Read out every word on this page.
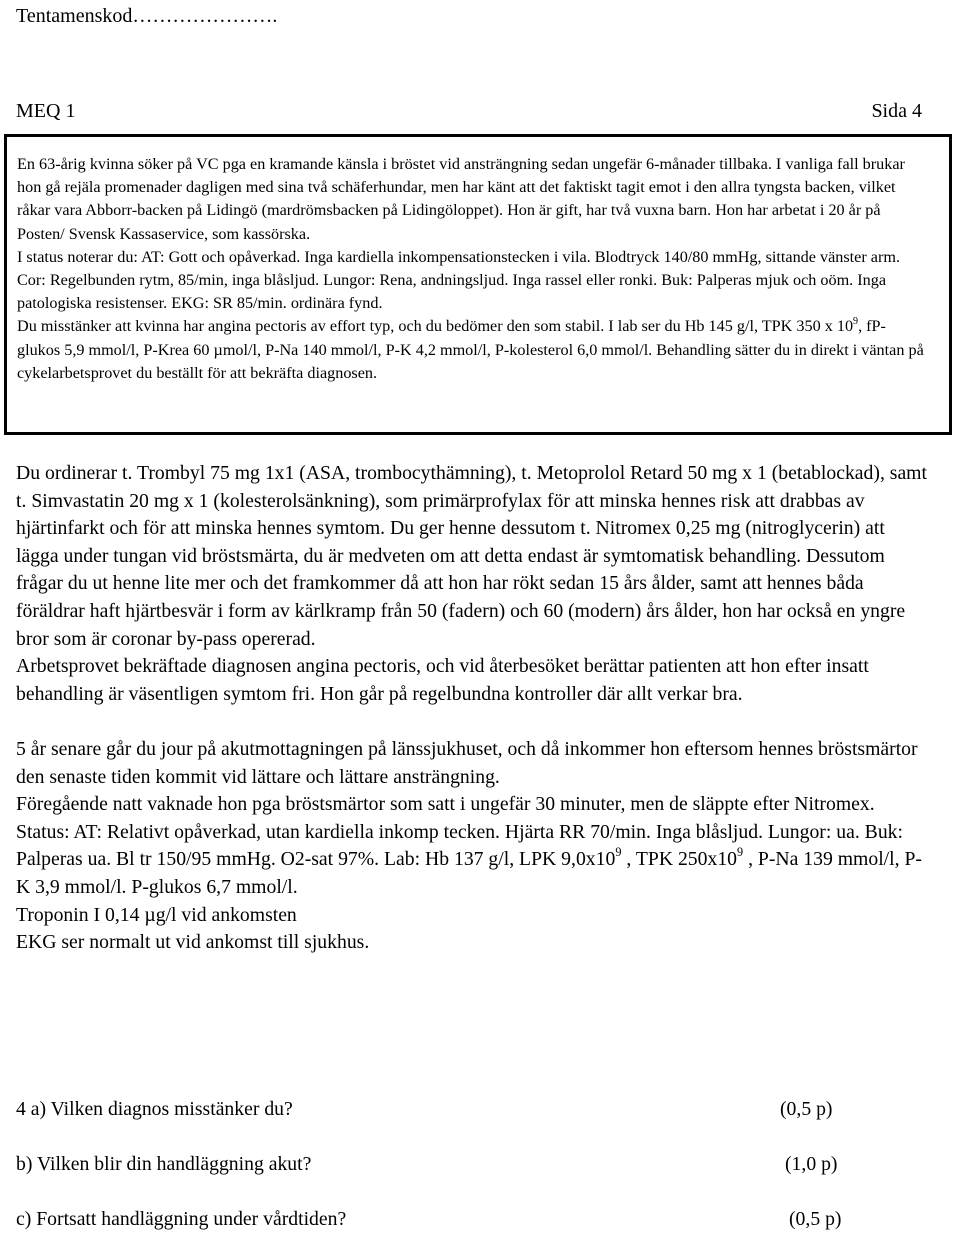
Tentamenskod………………….
MEQ 1	Sida 4

En 63-årig kvinna söker på VC pga en kramande känsla i bröstet vid ansträngning sedan ungefär 6-månader tillbaka. I vanliga fall brukar hon gå rejäla promenader dagligen med sina två schäferhundar, men har känt att det faktiskt tagit emot i den allra tyngsta backen, vilket råkar vara Abborr-backen på Lidingö (mardrömsbacken på Lidingöloppet). Hon är gift, har två vuxna barn. Hon har arbetat i 20 år på Posten/ Svensk Kassaservice, som kassörska.

I status noterar du: AT: Gott och opåverkad. Inga kardiella inkompensationstecken i vila. Blodtryck 140/80 mmHg, sittande vänster arm. Cor: Regelbunden rytm, 85/min, inga blåsljud. Lungor: Rena, andningsljud. Inga rassel eller ronki. Buk: Palperas mjuk och oöm. Inga patologiska resistenser. EKG: SR 85/min. ordinära fynd.

Du misstänker att kvinna har angina pectoris av effort typ, och du bedömer den som stabil. I lab ser du Hb 145 g/l, TPK 350 x $10^9$, fP-glukos 5,9 mmol/l, P-Krea 60 µmol/l, P-Na 140 mmol/l, P-K 4,2 mmol/l, P-kolesterol 6,0 mmol/l. Behandling sätter du in direkt i väntan på cykelarbetsprovet du beställt för att bekräfta diagnosen.

Du ordinerar t. Trombyl 75 mg 1x1 (ASA, trombocythämning), t. Metoprolol Retard 50 mg x 1 (betablockad), samt t. Simvastatin 20 mg x 1 (kolesterolsänkning), som primärprofylax för att minska hennes risk att drabbas av hjärtinfarkt och för att minska hennes symtom. Du ger henne dessutom t. Nitromex 0,25 mg (nitroglycerin) att lägga under tungan vid bröstsmärta, du är medveten om att detta endast är symtomatisk behandling. Dessutom frågar du ut henne lite mer och det framkommer då att hon har rökt sedan 15 års ålder, samt att hennes båda föräldrar haft hjärtbesvär i form av kärlkramp från 50 (fadern) och 60 (modern) års ålder, hon har också en yngre bror som är coronar by-pass opererad.

Arbetsprovet bekräftade diagnosen angina pectoris, och vid återbesöket berättar patienten att hon efter insatt behandling är väsentligen symtom fri. Hon går på regelbundna kontroller där allt verkar bra.

5 år senare går du jour på akutmottagningen på länssjukhuset, och då inkommer hon eftersom hennes bröstsmärtor den senaste tiden kommit vid lättare och lättare ansträngning.

Föregående natt vaknade hon pga bröstsmärtor som satt i ungefär 30 minuter, men de släppte efter Nitromex.

Status: AT: Relativt opåverkad, utan kardiella inkomp tecken. Hjärta RR 70/min. Inga blåsljud. Lungor: ua. Buk: Palperas ua. Bl tr 150/95 mmHg. O2-sat 97%. Lab: Hb 137 g/l, LPK $9,0x10^9$ , TPK $250x10^9$ , P-Na 139 mmol/l, P-K 3,9 mmol/l. P-glukos 6,7 mmol/l.

Troponin I 0,14 µg/l vid ankomsten

EKG ser normalt ut vid ankomst till sjukhus.

4 a) Vilken diagnos misstänker du?	(0,5 p)
b) Vilken blir din handläggning akut?	(1,0 p)
c) Fortsatt handläggning under vårdtiden?	(0,5 p)
